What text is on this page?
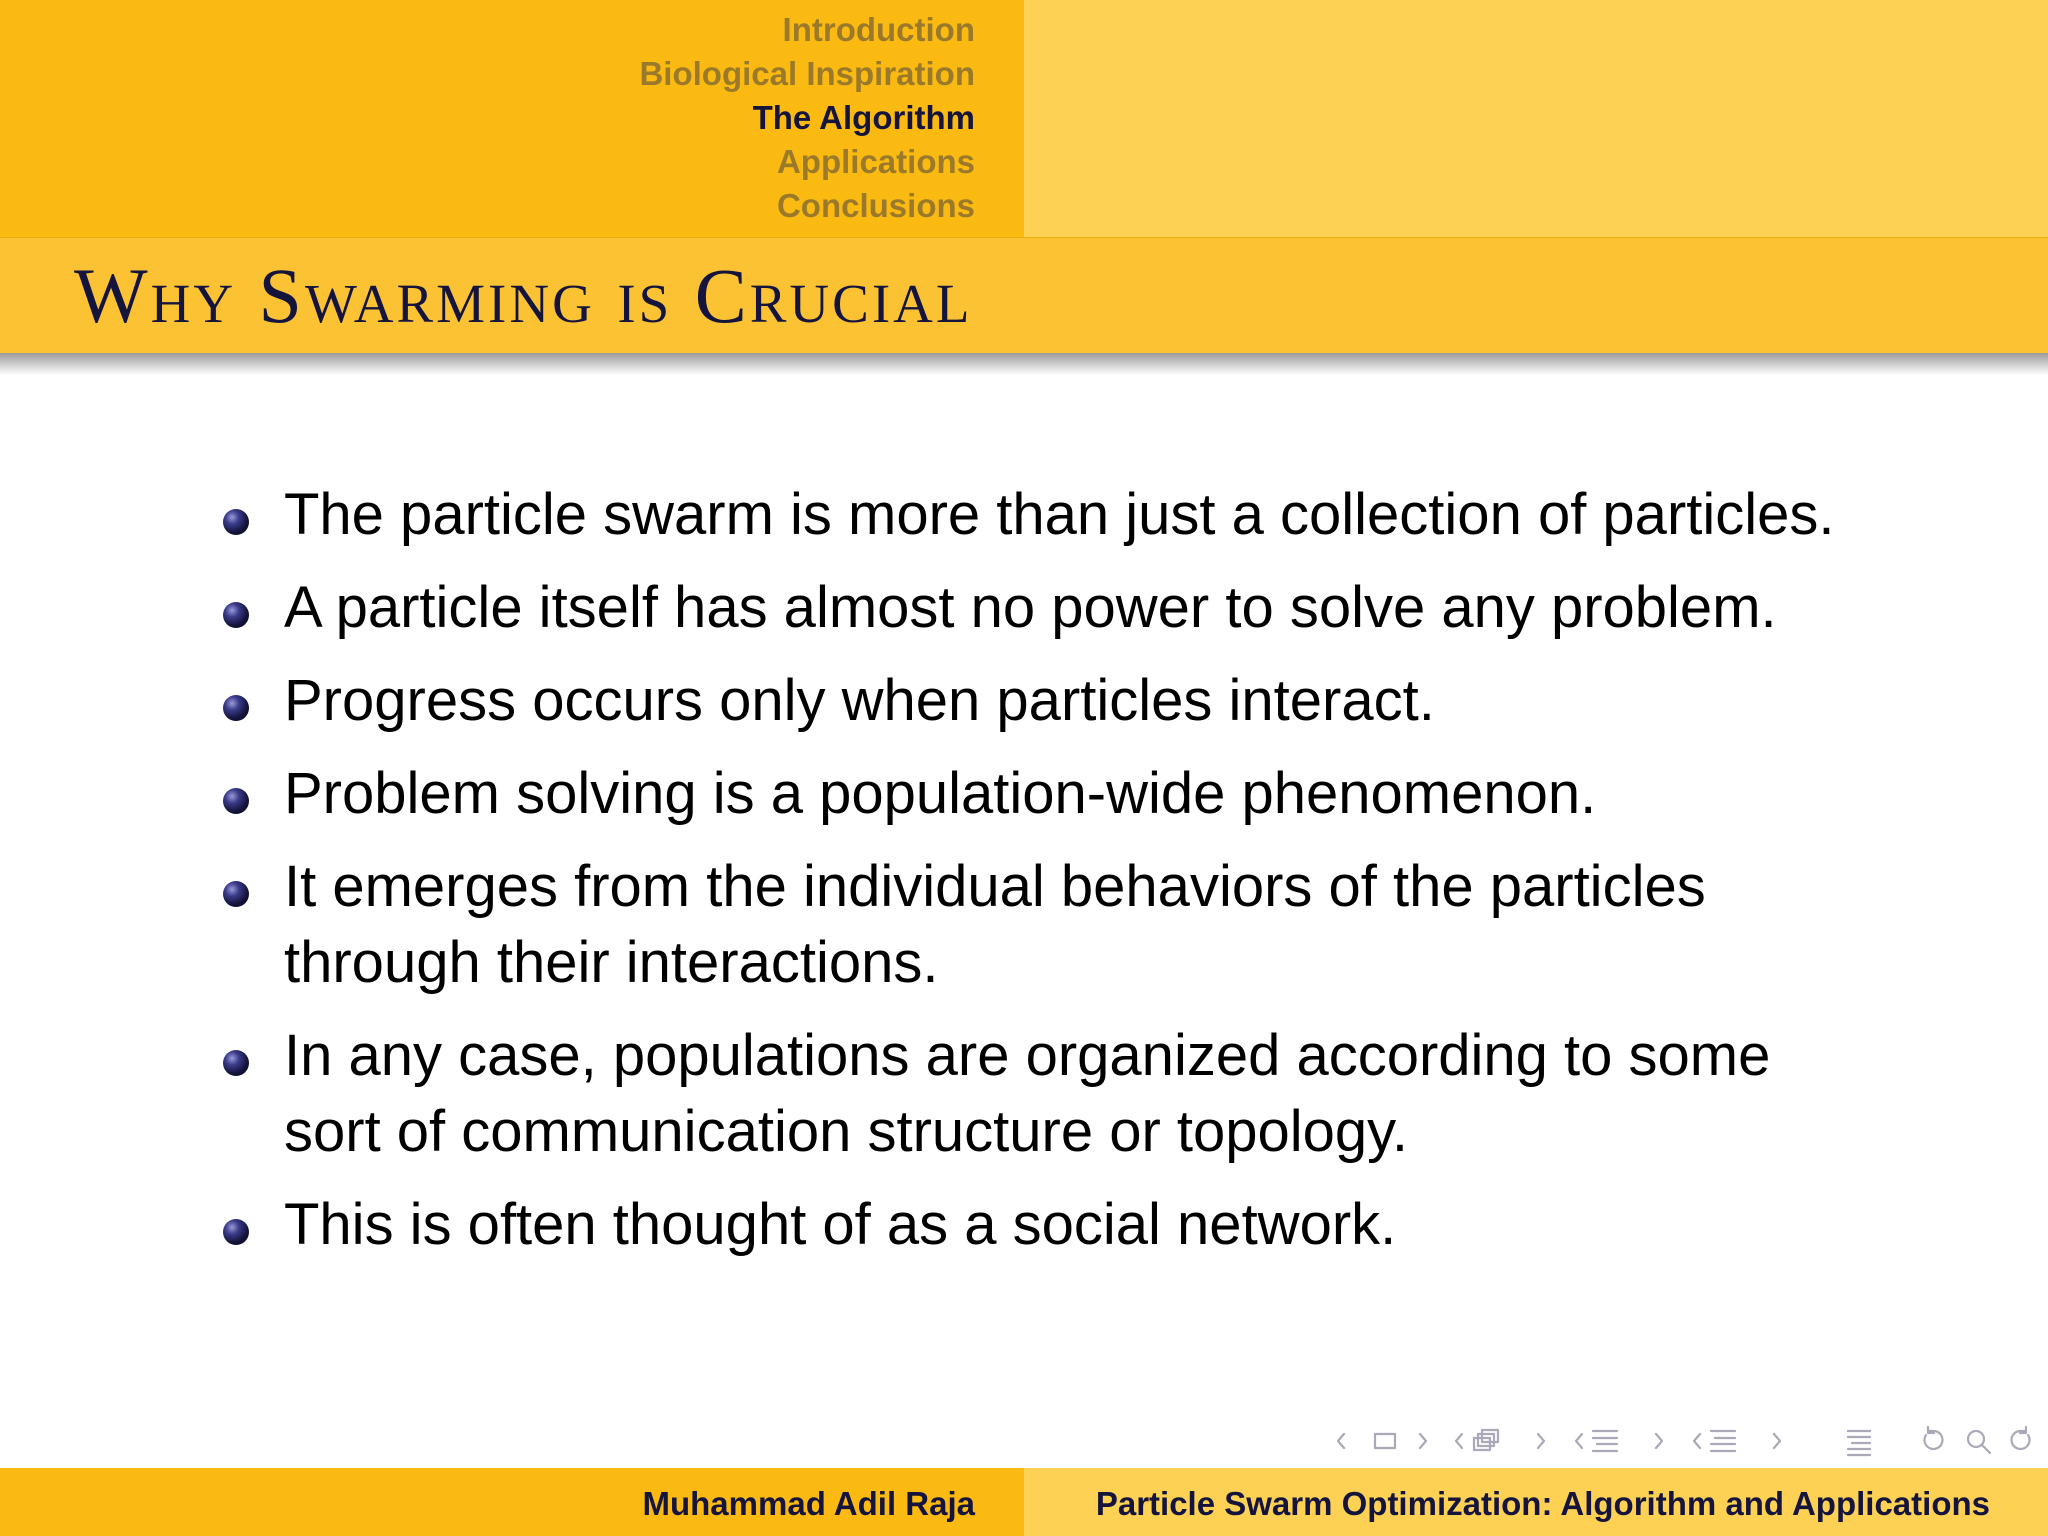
Introduction
Biological Inspiration
The Algorithm
Applications
Conclusions
Why Swarming is Crucial
The particle swarm is more than just a collection of particles.
A particle itself has almost no power to solve any problem.
Progress occurs only when particles interact.
Problem solving is a population-wide phenomenon.
It emerges from the individual behaviors of the particles through their interactions.
In any case, populations are organized according to some sort of communication structure or topology.
This is often thought of as a social network.
Muhammad Adil Raja	Particle Swarm Optimization: Algorithm and Applications
